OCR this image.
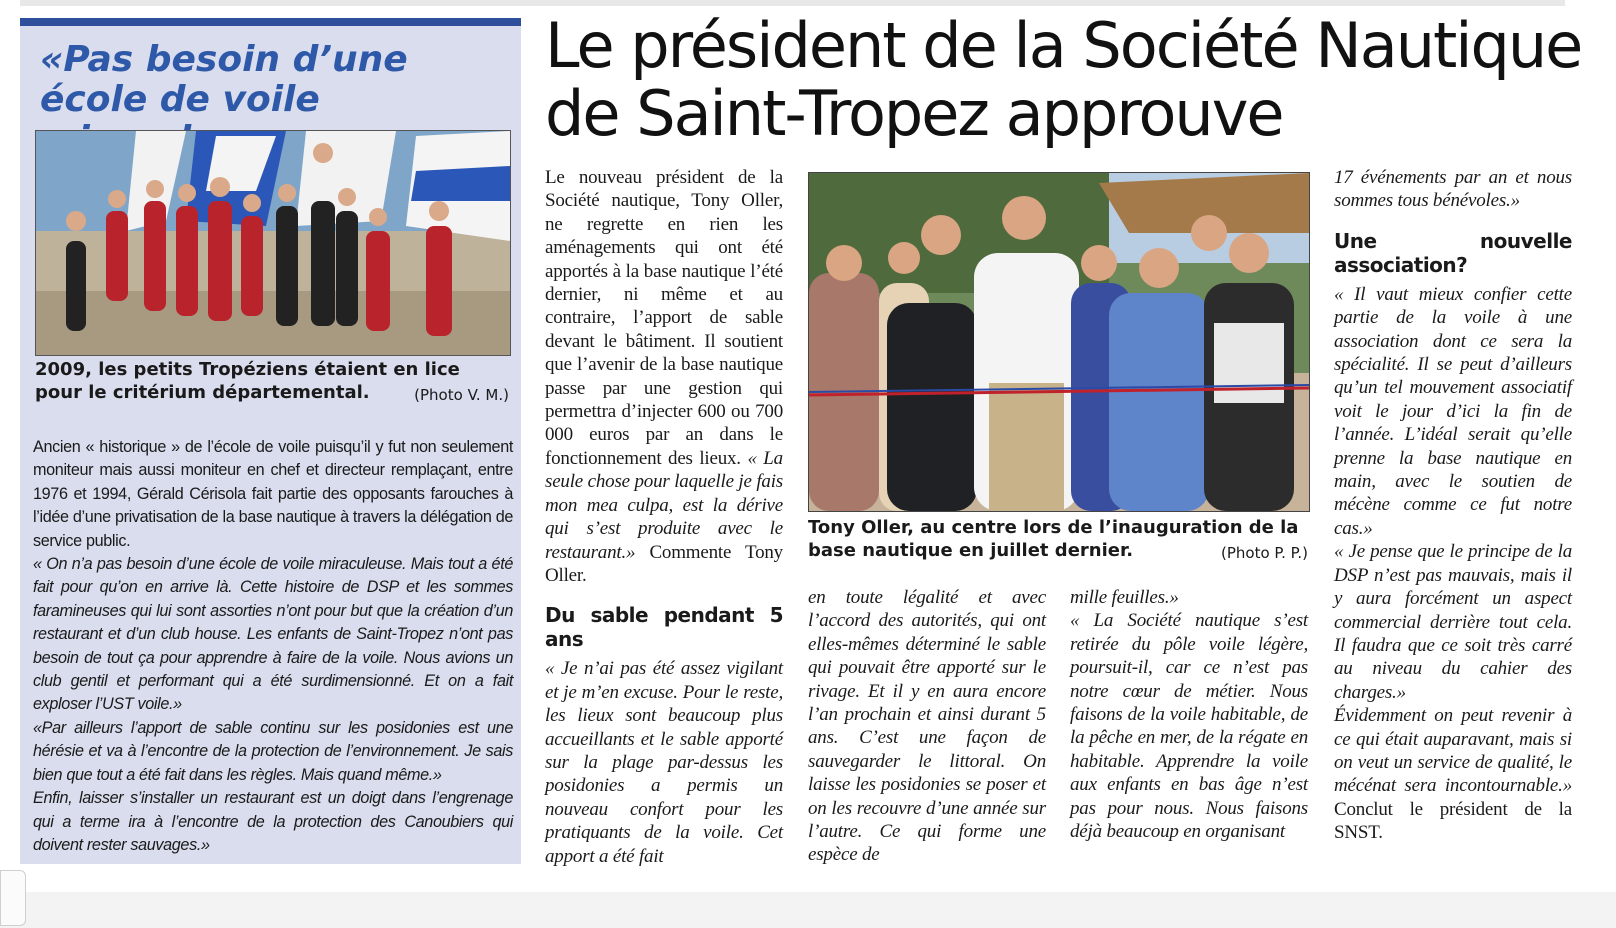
«Pas besoin d’une école de voile
2009, les petits Tropéziens étaient en lice pour le critérium départemental.	(Photo V. M.)

Ancien « historique » de l’école de voile puisqu’il y fut non seulement moniteur mais aussi moniteur en chef et directeur remplaçant, entre 1976 et 1994, Gérald Cérisola fait partie des opposants farouches à l’idée d’une privatisation de la base nautique à travers la délégation de service public.

« On n’a pas besoin d’une école de voile miraculeuse. Mais tout a été fait pour qu’on en arrive là. Cette histoire de DSP et les sommes faramineuses qui lui sont assorties n’ont pour but que la création d’un restaurant et d’un club house. Les enfants de Saint-Tropez n’ont pas besoin de tout ça pour apprendre à faire de la voile. Nous avions un club gentil et performant qui a été surdimensionné. Et on a fait exploser l’UST voile.»

«Par ailleurs l’apport de sable continu sur les posidonies est une hérésie et va à l’encontre de la protection de l’environnement. Je sais bien que tout a été fait dans les règles. Mais quand même.»

Enfin, laisser s’installer un restaurant est un doigt dans l’engrenage qui a terme ira à l’encontre de la protection des Canoubiers qui doivent rester sauvages.»

Le président de la Société Nautique de Saint-Tropez approuve

Le nouveau président de la Société nautique, Tony Oller, ne regrette en rien les aménagements qui ont été apportés à la base nautique l’été dernier, ni même et au contraire, l’apport de sable devant le bâtiment. Il soutient que l’avenir de la base nautique passe par une gestion qui permettra d’injecter 600 ou 700 000 euros par an dans le fonctionnement des lieux. « La seule chose pour laquelle je fais mon mea culpa, est la dérive qui s’est produite avec le restaurant.» Commente Tony Oller.

Du sable pendant 5 ans

« Je n’ai pas été assez vigilant et je m’en excuse. Pour le reste, les lieux sont beaucoup plus accueillants et le sable apporté sur la plage par-dessus les posidonies a permis un nouveau confort pour les pratiquants de la voile. Cet apport a été fait

Tony Oller, au centre lors de l’inauguration de la base nautique en juillet dernier.	(Photo P. P.)

en toute légalité et avec l’accord des autorités, qui ont elles-mêmes déterminé le sable qui pouvait être apporté sur le rivage. Et il y en aura encore l’an prochain et ainsi durant 5 ans. C’est une façon de sauvegarder le littoral. On laisse les posidonies se poser et on les recouvre d’une année sur l’autre. Ce qui forme une espèce de

mille feuilles.»

« La Société nautique s’est retirée du pôle voile légère, poursuit-il, car ce n’est pas notre cœur de métier. Nous faisons de la voile habitable, de la pêche en mer, de la régate en habitable. Apprendre la voile aux enfants en bas âge n’est pas pour nous. Nous faisons déjà beaucoup en organisant

17 événements par an et nous sommes tous bénévoles.»

Une nouvelle association?

« Il vaut mieux confier cette partie de la voile à une association dont ce sera la spécialité. Il se peut d’ailleurs qu’un tel mouvement associatif voit le jour d’ici la fin de l’année. L’idéal serait qu’elle prenne la base nautique en main, avec le soutien de mécène comme ce fut notre cas.»

« Je pense que le principe de la DSP n’est pas mauvais, mais il y aura forcément un aspect commercial derrière tout cela. Il faudra que ce soit très carré au niveau du cahier des charges.»

Évidemment on peut revenir à ce qui était auparavant, mais si on veut un service de qualité, le mécénat sera incontournable.» Conclut le président de la SNST.
